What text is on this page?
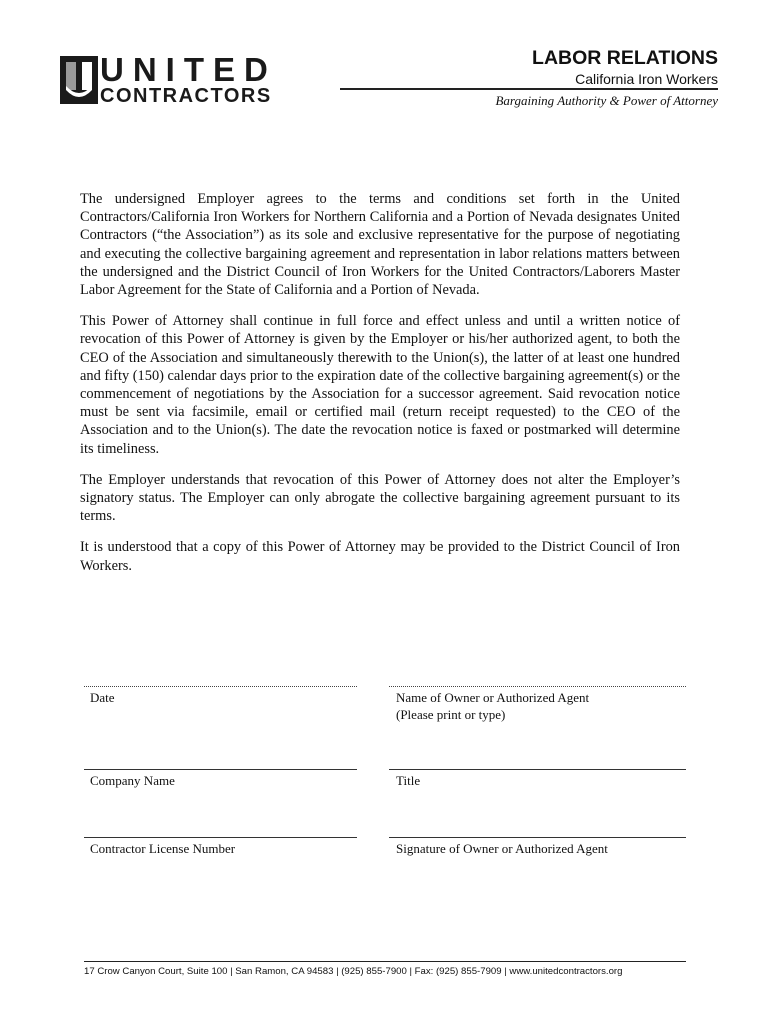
UNITED
CONTRACTORS
LABOR RELATIONS
California Iron Workers
Bargaining Authority & Power of Attorney

The undersigned Employer agrees to the terms and conditions set forth in the United Contractors/California Iron Workers for Northern California and a Portion of Nevada designates United Contractors (“the Association”) as its sole and exclusive representative for the purpose of negotiating and executing the collective bargaining agreement and representation in labor relations matters between the undersigned and the District Council of Iron Workers for the United Contractors/Laborers Master Labor Agreement for the State of California and a Portion of Nevada.

This Power of Attorney shall continue in full force and effect unless and until a written notice of revocation of this Power of Attorney is given by the Employer or his/her authorized agent, to both the CEO of the Association and simultaneously therewith to the Union(s), the latter of at least one hundred and fifty (150) calendar days prior to the expiration date of the collective bargaining agreement(s) or the commencement of negotiations by the Association for a successor agreement. Said revocation notice must be sent via facsimile, email or certified mail (return receipt requested) to the CEO of the Association and to the Union(s). The date the revocation notice is faxed or postmarked will determine its timeliness.

The Employer understands that revocation of this Power of Attorney does not alter the Employer’s signatory status. The Employer can only abrogate the collective bargaining agreement pursuant to its terms.

It is understood that a copy of this Power of Attorney may be provided to the District Council of Iron Workers.

Date	Name of Owner or Authorized Agent
(Please print or type)
Company Name	Title
Contractor License Number	Signature of Owner or Authorized Agent
17 Crow Canyon Court, Suite 100 | San Ramon, CA 94583 | (925) 855-7900 | Fax: (925) 855-7909 | www.unitedcontractors.org
